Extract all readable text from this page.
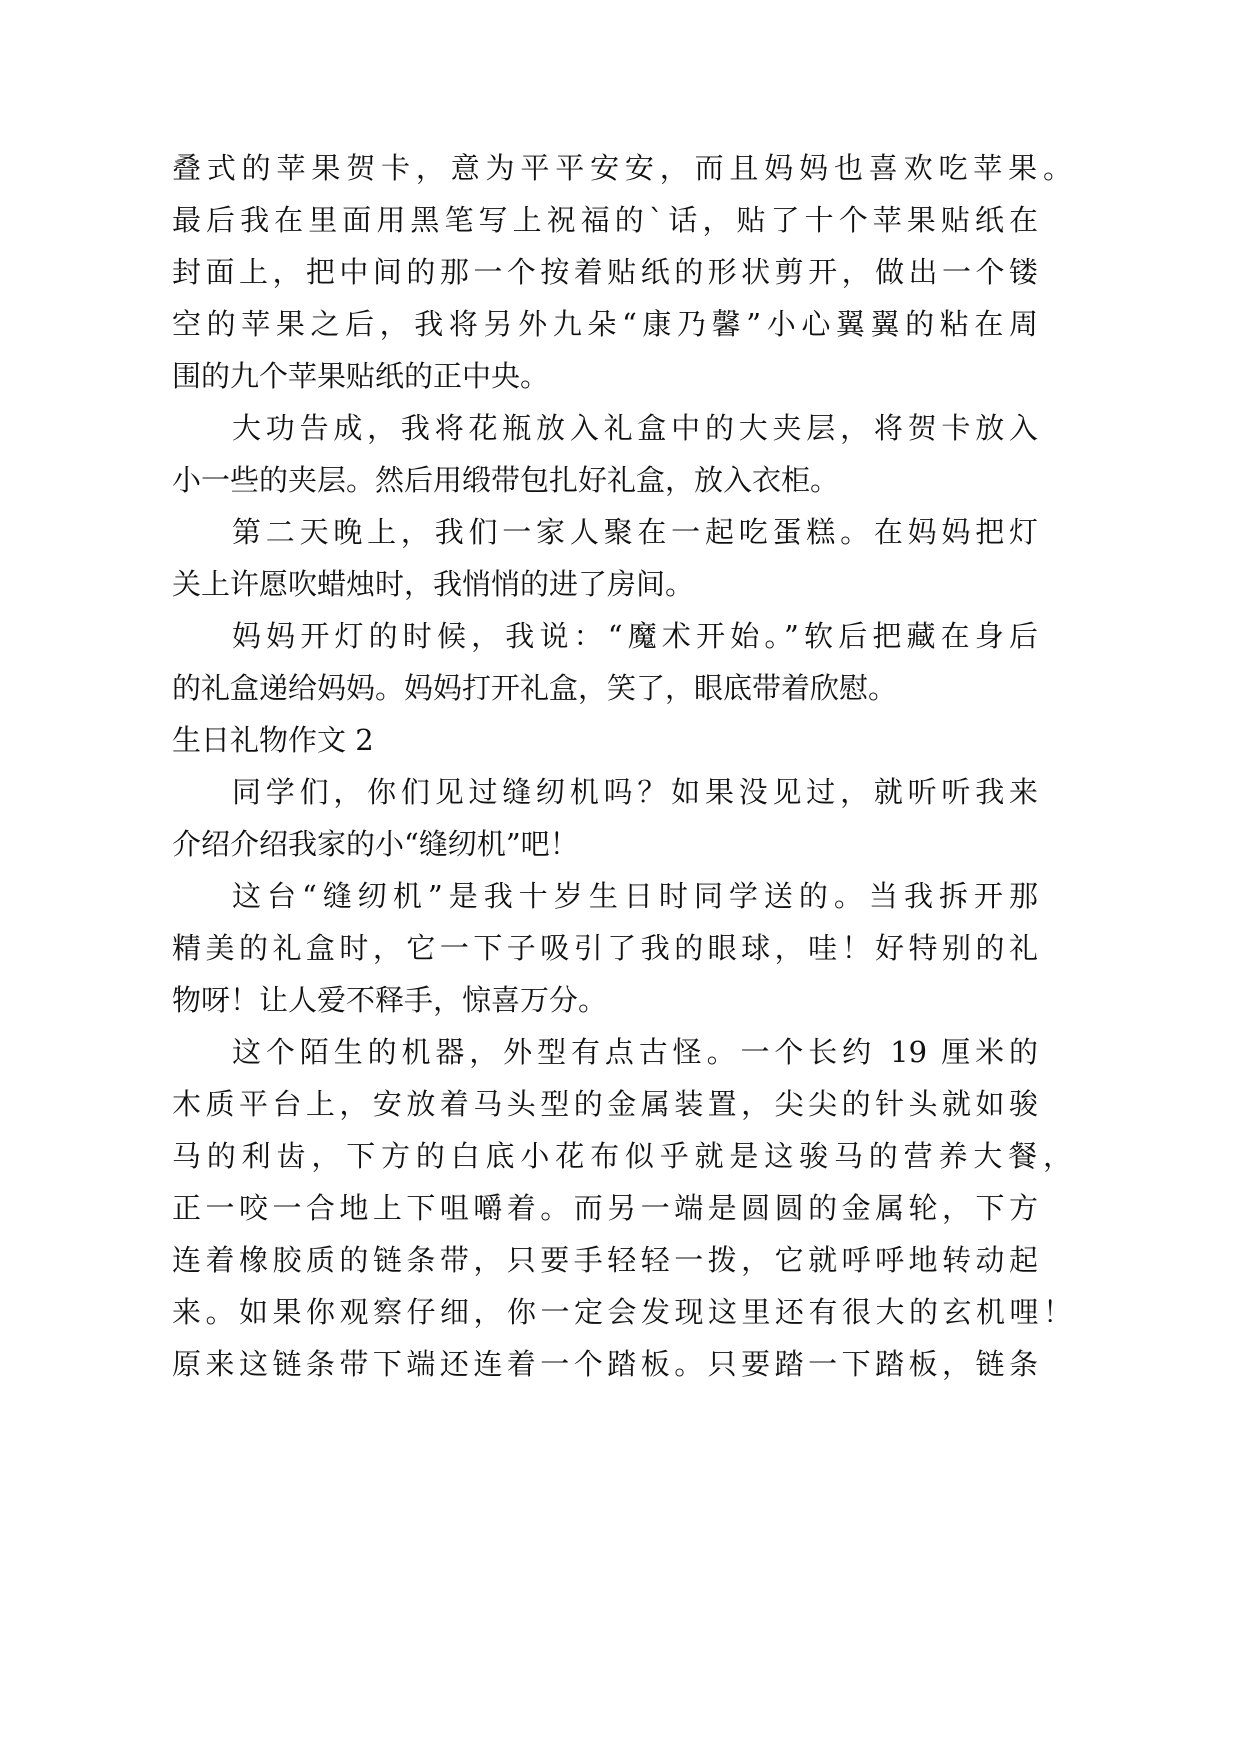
叠式的苹果贺卡，意为平平安安，而且妈妈也喜欢吃苹果。
最后我在里面用黑笔写上祝福的`话，贴了十个苹果贴纸在
封面上，把中间的那一个按着贴纸的形状剪开，做出一个镂
空的苹果之后，我将另外九朵“康乃馨”小心翼翼的粘在周
围的九个苹果贴纸的正中央。
大功告成，我将花瓶放入礼盒中的大夹层，将贺卡放入
小一些的夹层。然后用缎带包扎好礼盒，放入衣柜。
第二天晚上，我们一家人聚在一起吃蛋糕。在妈妈把灯
关上许愿吹蜡烛时，我悄悄的进了房间。
妈妈开灯的时候，我说：“魔术开始。”软后把藏在身后
的礼盒递给妈妈。妈妈打开礼盒，笑了，眼底带着欣慰。
生日礼物作文 2
同学们，你们见过缝纫机吗？如果没见过，就听听我来
介绍介绍我家的小“缝纫机”吧！
这台“缝纫机”是我十岁生日时同学送的。当我拆开那
精美的礼盒时，它一下子吸引了我的眼球，哇！好特别的礼
物呀！让人爱不释手，惊喜万分。
这个陌生的机器，外型有点古怪。一个长约 19 厘米的
木质平台上，安放着马头型的金属装置，尖尖的针头就如骏
马的利齿，下方的白底小花布似乎就是这骏马的营养大餐，
正一咬一合地上下咀嚼着。而另一端是圆圆的金属轮，下方
连着橡胶质的链条带，只要手轻轻一拨，它就呼呼地转动起
来。如果你观察仔细，你一定会发现这里还有很大的玄机哩！
原来这链条带下端还连着一个踏板。只要踏一下踏板，链条
